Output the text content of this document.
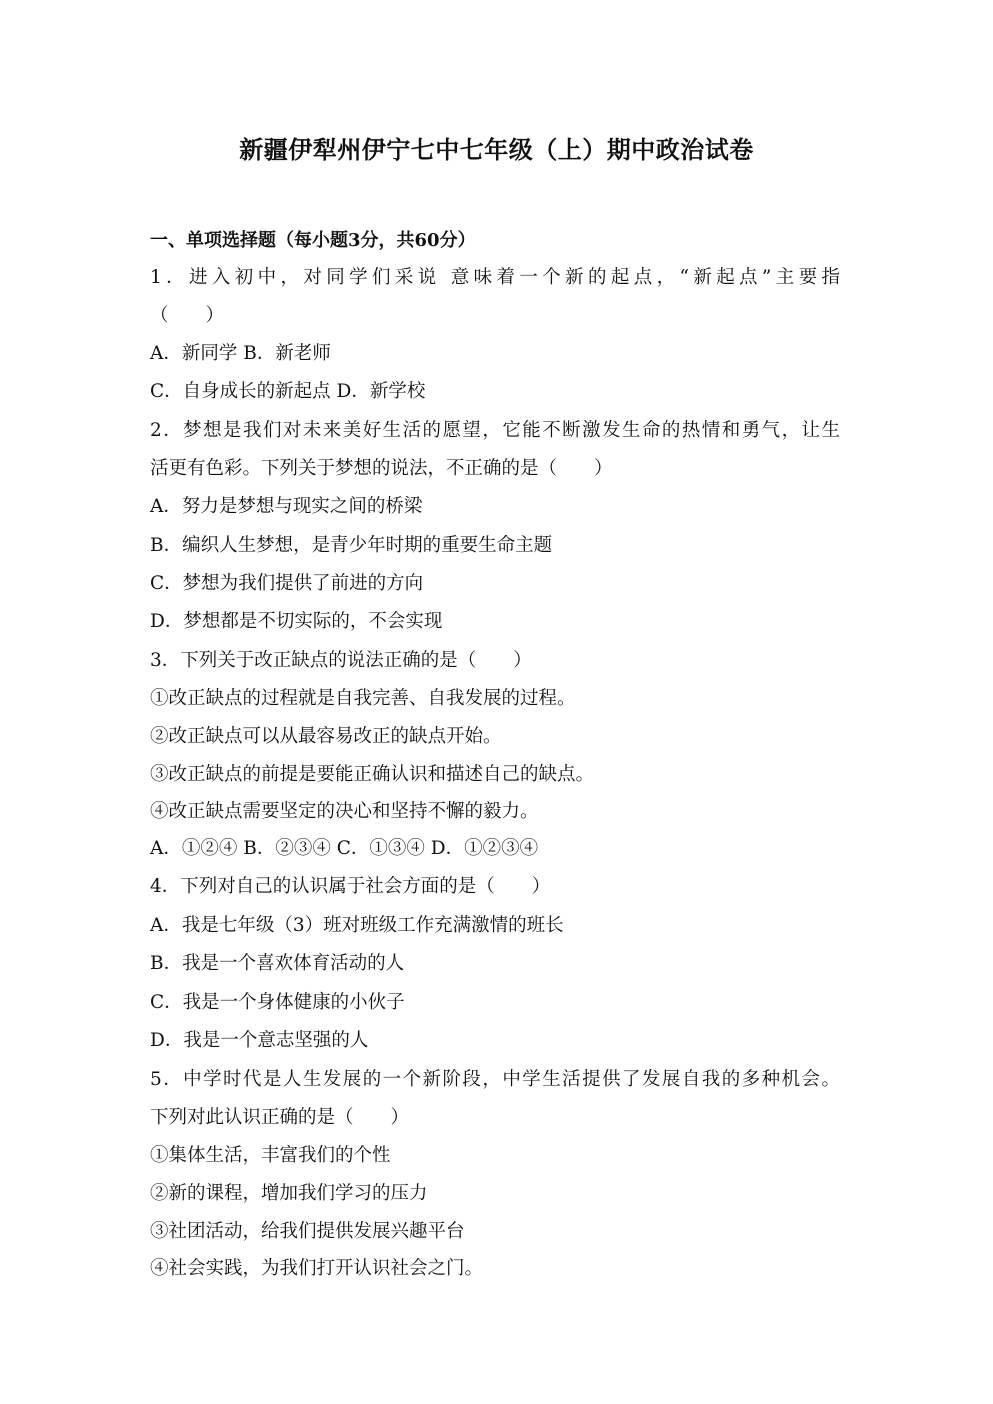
新疆伊犁州伊宁七中七年级（上）期中政治试卷
一、单项选择题（每小题3分，共60分）
1．进入初中，对同学们采说 意味着一个新的起点，“新起点”主要指
（　　）
A．新同学 B．新老师
C．自身成长的新起点 D．新学校
2．梦想是我们对未来美好生活的愿望，它能不断激发生命的热情和勇气，让生
活更有色彩。下列关于梦想的说法，不正确的是（　　）
A．努力是梦想与现实之间的桥梁
B．编织人生梦想，是青少年时期的重要生命主题
C．梦想为我们提供了前进的方向
D．梦想都是不切实际的，不会实现
3．下列关于改正缺点的说法正确的是（　　）
①改正缺点的过程就是自我完善、自我发展的过程。
②改正缺点可以从最容易改正的缺点开始。
③改正缺点的前提是要能正确认识和描述自己的缺点。
④改正缺点需要坚定的决心和坚持不懈的毅力。
A．①②④ B．②③④ C．①③④ D．①②③④
4．下列对自己的认识属于社会方面的是（　　）
A．我是七年级（3）班对班级工作充满激情的班长
B．我是一个喜欢体育活动的人
C．我是一个身体健康的小伙子
D．我是一个意志坚强的人
5．中学时代是人生发展的一个新阶段，中学生活提供了发展自我的多种机会。
下列对此认识正确的是（　　）
①集体生活，丰富我们的个性
②新的课程，增加我们学习的压力
③社团活动，给我们提供发展兴趣平台
④社会实践，为我们打开认识社会之门。
